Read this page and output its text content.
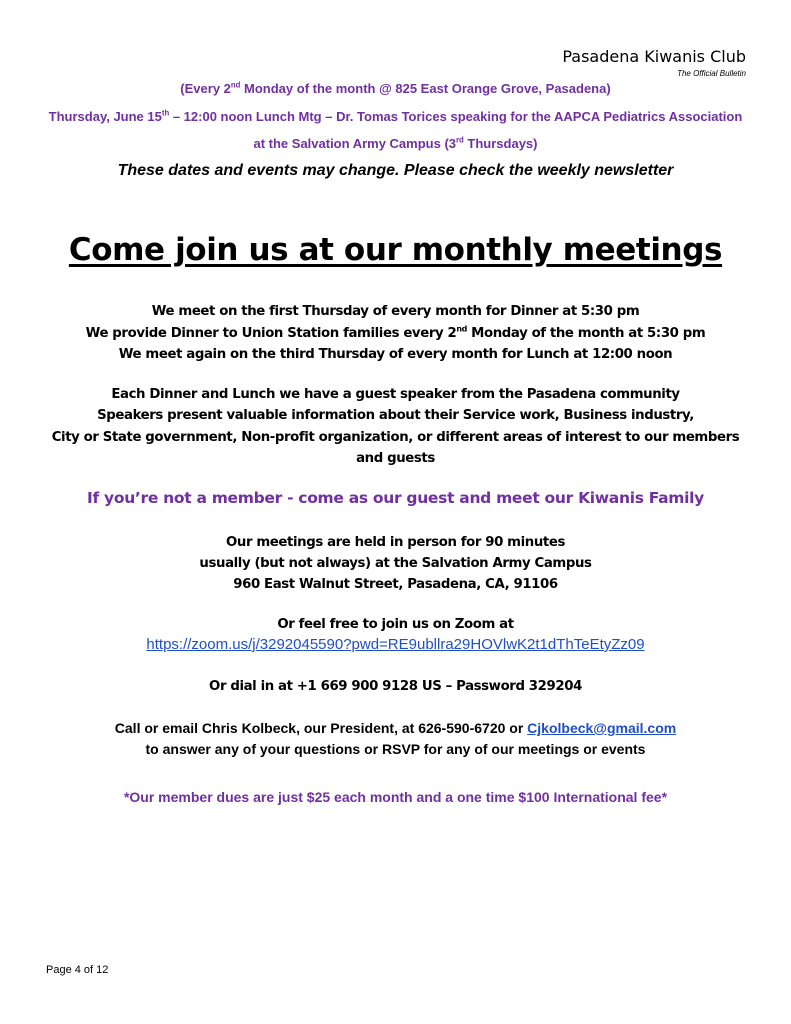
Pasadena Kiwanis Club
The Official Bulletin
(Every 2nd Monday of the month @ 825 East Orange Grove, Pasadena)
Thursday, June 15th – 12:00 noon Lunch Mtg – Dr. Tomas Torices speaking for the AAPCA Pediatrics Association
at the Salvation Army Campus (3rd Thursdays)
These dates and events may change. Please check the weekly newsletter
Come join us at our monthly meetings
We meet on the first Thursday of every month for Dinner at 5:30 pm
We provide Dinner to Union Station families every 2nd Monday of the month at 5:30 pm
We meet again on the third Thursday of every month for Lunch at 12:00 noon
Each Dinner and Lunch we have a guest speaker from the Pasadena community
Speakers present valuable information about their Service work, Business industry,
City or State government, Non-profit organization, or different areas of interest to our members
and guests
If you’re not a member - come as our guest and meet our Kiwanis Family
Our meetings are held in person for 90 minutes
usually (but not always) at the Salvation Army Campus
960 East Walnut Street, Pasadena, CA, 91106
Or feel free to join us on Zoom at
https://zoom.us/j/3292045590?pwd=RE9ubllra29HOVlwK2t1dThTeEtyZz09
Or dial in at +1 669 900 9128 US – Password 329204
Call or email Chris Kolbeck, our President, at 626-590-6720 or Cjkolbeck@gmail.com
to answer any of your questions or RSVP for any of our meetings or events
*Our member dues are just $25 each month and a one time $100 International fee*
Page 4 of 12
